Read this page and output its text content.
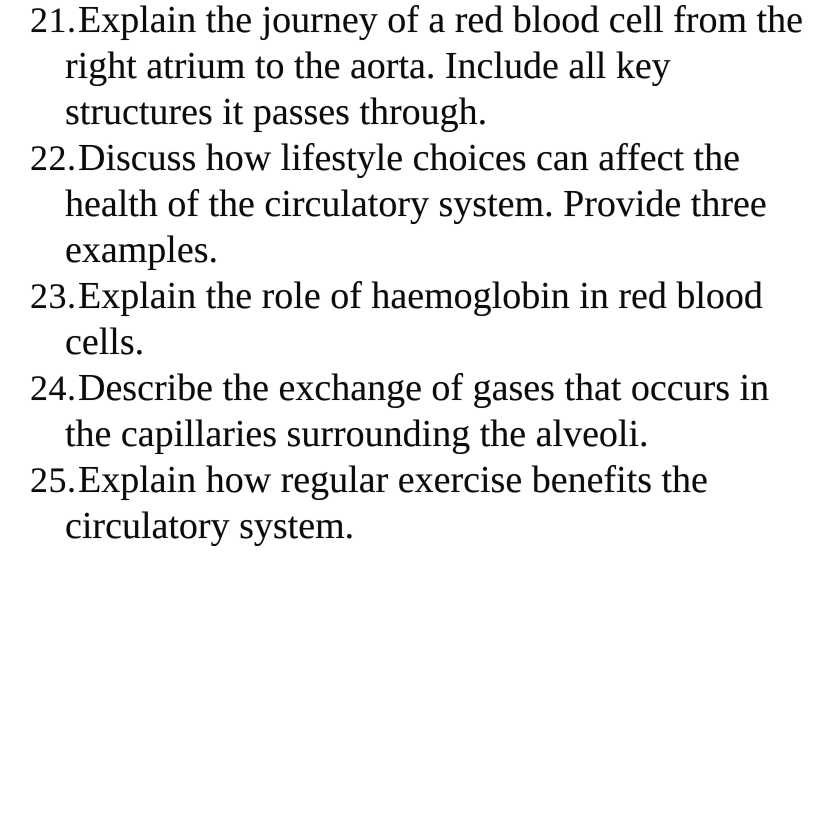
21.Explain the journey of a red blood cell from the right atrium to the aorta. Include all key structures it passes through.
22.Discuss how lifestyle choices can affect the health of the circulatory system. Provide three examples.
23.Explain the role of haemoglobin in red blood cells.
24.Describe the exchange of gases that occurs in the capillaries surrounding the alveoli.
25.Explain how regular exercise benefits the circulatory system.
